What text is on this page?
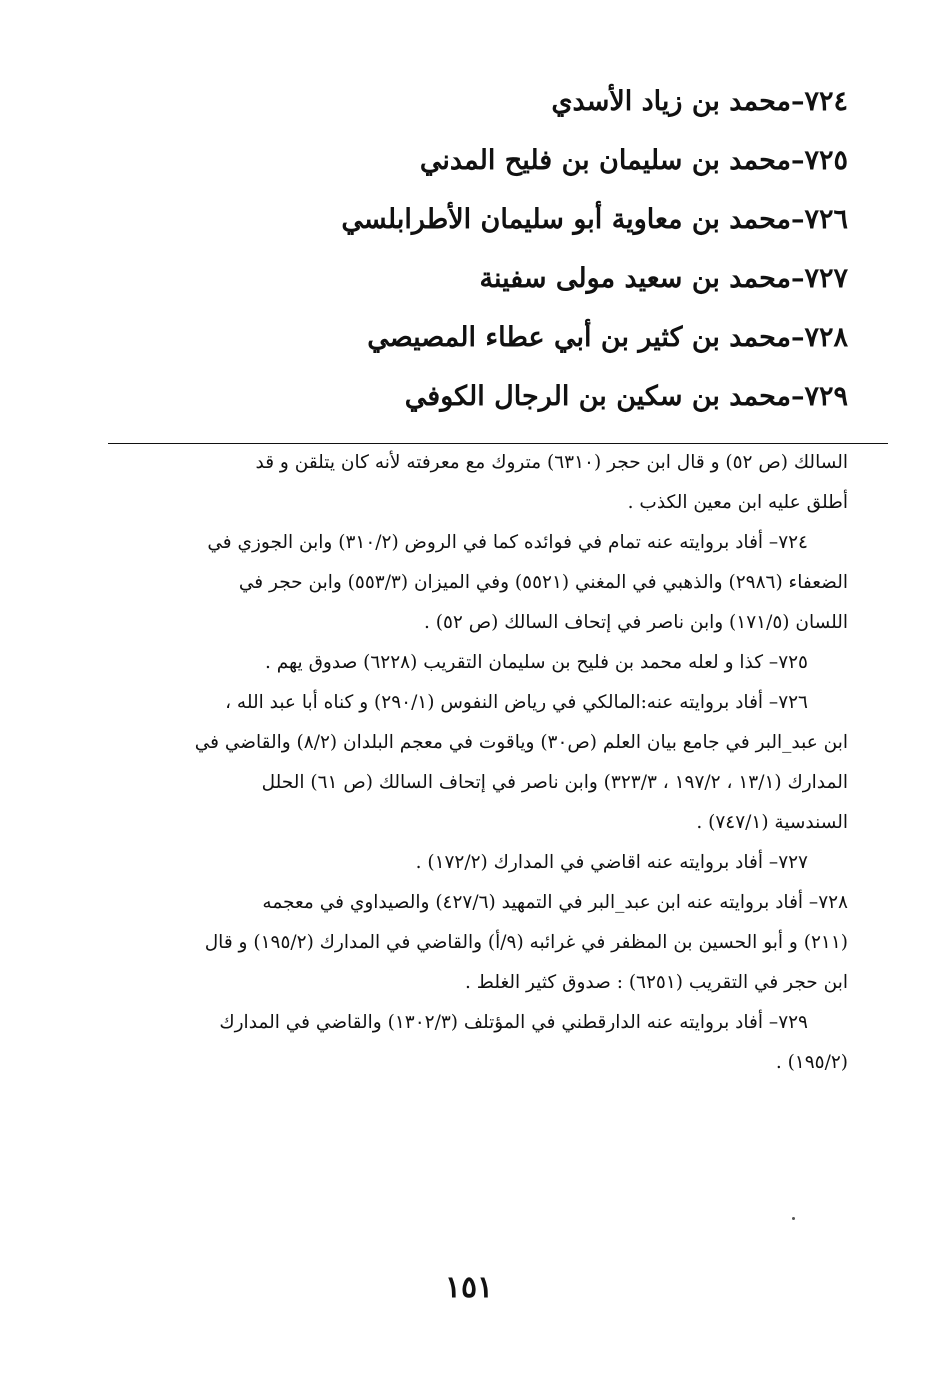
٧٢٤–محمد بن زياد الأسدي
٧٢٥–محمد بن سليمان بن فليح المدني
٧٢٦–محمد بن معاوية أبو سليمان الأطرابلسي
٧٢٧–محمد بن سعيد مولى سفينة
٧٢٨–محمد بن كثير بن أبي عطاء المصيصي
٧٢٩–محمد بن سكين بن الرجال الكوفي
السالك (ص ٥٢) و قال ابن حجر (٦٣١٠) متروك مع معرفته لأنه كان يتلقن و قد
أطلق عليه ابن معين الكذب .
٧٢٤– أفاد بروايته عنه تمام في فوائده كما في الروض (٣١٠/٢) وابن الجوزي في
الضعفاء (٢٩٨٦) والذهبي في المغني (٥٥٢١) وفي الميزان (٥٥٣/٣) وابن حجر في
اللسان (١٧١/٥) وابن ناصر في إتحاف السالك (ص ٥٢) .
٧٢٥– كذا و لعله محمد بن فليح بن سليمان التقريب (٦٢٢٨) صدوق يهم .
٧٢٦– أفاد بروايته عنه:المالكي في رياض النفوس (٢٩٠/١) و كناه أبا عبد الله ،
ابن عبد_البر في جامع بيان العلم (ص٣٠) وياقوت في معجم البلدان (٨/٢) والقاضي في
المدارك (١٣/١ ، ١٩٧/٢ ، ٣٢٣/٣) وابن ناصر في إتحاف السالك (ص ٦١) الحلل
السندسية (٧٤٧/١) .
٧٢٧– أفاد بروايته عنه اقاضي في المدارك (١٧٢/٢) .
٧٢٨– أفاد بروايته عنه ابن عبد_البر في التمهيد (٤٢٧/٦) والصيداوي في معجمه
(٢١١) و أبو الحسين بن المظفر في غرائبه (٩/أ) والقاضي في المدارك (١٩٥/٢) و قال
ابن حجر في التقريب (٦٢٥١) : صدوق كثير الغلط .
٧٢٩– أفاد بروايته عنه الدارقطني في المؤتلف (١٣٠٢/٣) والقاضي في المدارك
(١٩٥/٢) .
١٥١
